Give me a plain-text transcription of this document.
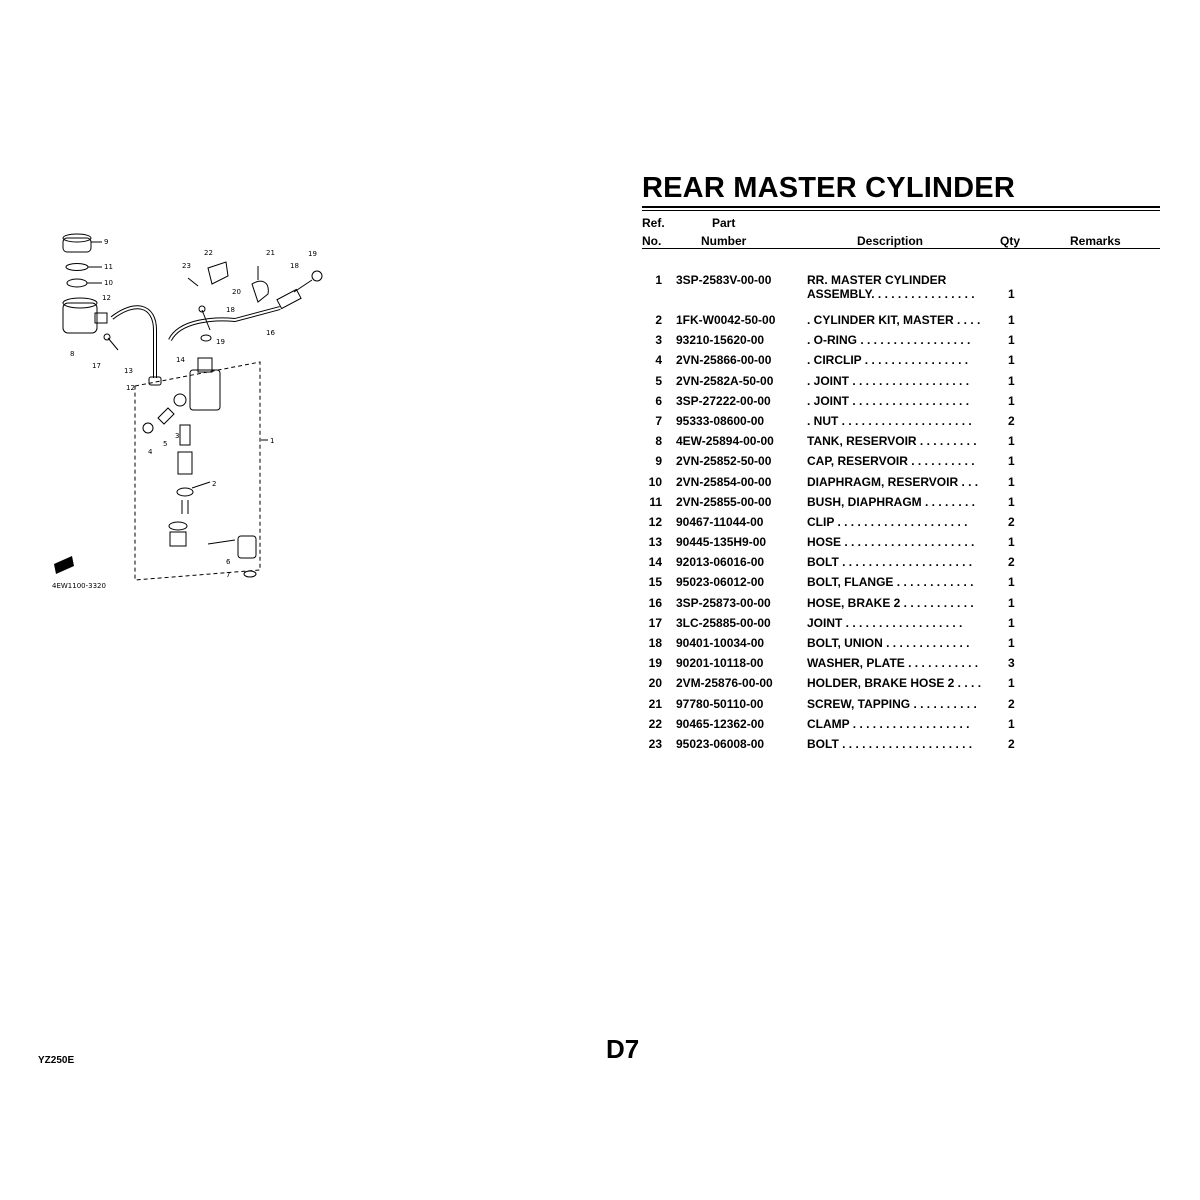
9
11
10
12
8
17
13
12
14
19
18
16
20
21
22
23	18
19
1
2
3
4
5
6
7
4EW1100-3320
REAR MASTER CYLINDER
Ref.
No.
Part
Number	Description	Qty	Remarks
1 3SP-2583V-00-00	RR. MASTER CYLINDER
ASSEMBLY. . . . . . . . . . . . . . . .	1
2 1FK-W0042-50-00	. CYLINDER KIT, MASTER . . . . 1
3 93210-15620-00	. O-RING . . . . . . . . . . . . . . . . .	1
4 2VN-25866-00-00	. CIRCLIP . . . . . . . . . . . . . . . .	1
5 2VN-2582A-50-00	. JOINT . . . . . . . . . . . . . . . . . .	1
6 3SP-27222-00-00	. JOINT . . . . . . . . . . . . . . . . . .	1
7 95333-08600-00	. NUT . . . . . . . . . . . . . . . . . . . .	2
8 4EW-25894-00-00	TANK, RESERVOIR . . . . . . . . .	1
9 2VN-25852-50-00	CAP, RESERVOIR . . . . . . . . . .	1
10 2VN-25854-00-00	DIAPHRAGM, RESERVOIR . . . 1
11 2VN-25855-00-00	BUSH, DIAPHRAGM . . . . . . . .	1
12 90467-11044-00	CLIP . . . . . . . . . . . . . . . . . . . .	2
13 90445-135H9-00	HOSE . . . . . . . . . . . . . . . . . . . .	1
14 92013-06016-00	BOLT . . . . . . . . . . . . . . . . . . . .	2
15 95023-06012-00	BOLT, FLANGE . . . . . . . . . . . .	1
16 3SP-25873-00-00	HOSE, BRAKE 2 . . . . . . . . . . .	1
17 3LC-25885-00-00	JOINT . . . . . . . . . . . . . . . . . .	1
18 90401-10034-00	BOLT, UNION . . . . . . . . . . . . .	1
19 90201-10118-00	WASHER, PLATE . . . . . . . . . . . 3
20 2VM-25876-00-00	HOLDER, BRAKE HOSE 2 . . . . 1
21 97780-50110-00	SCREW, TAPPING . . . . . . . . . .	2
22 90465-12362-00	CLAMP . . . . . . . . . . . . . . . . . .	1
23 95023-06008-00	BOLT . . . . . . . . . . . . . . . . . . . .	2
D7
YZ250E
